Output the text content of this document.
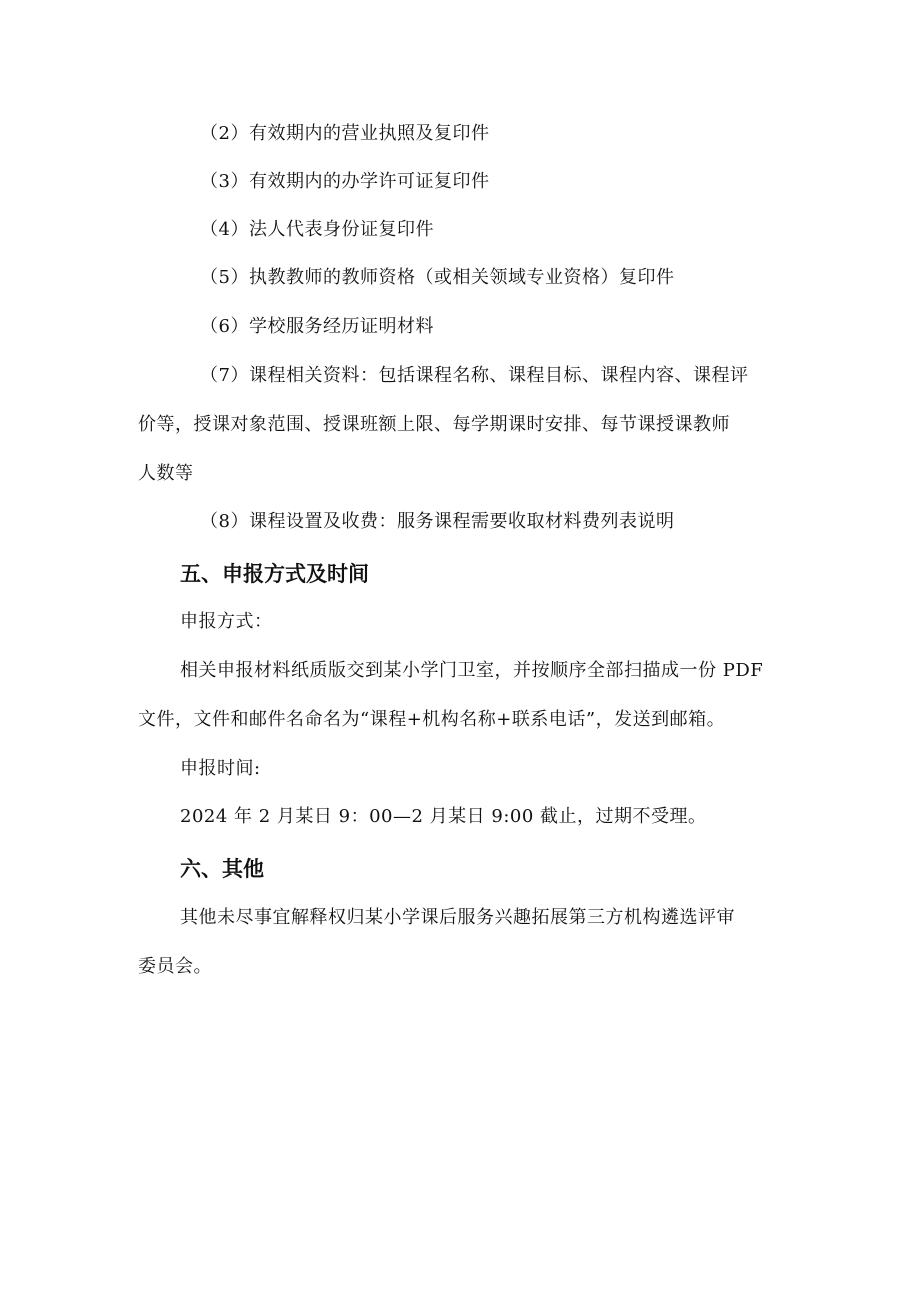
（2）有效期内的营业执照及复印件
（3）有效期内的办学许可证复印件
（4）法人代表身份证复印件
（5）执教教师的教师资格（或相关领域专业资格）复印件
（6）学校服务经历证明材料
（7）课程相关资料：包括课程名称、课程目标、课程内容、课程评
价等，授课对象范围、授课班额上限、每学期课时安排、每节课授课教师
人数等
（8）课程设置及收费：服务课程需要收取材料费列表说明
五、申报方式及时间
申报方式：
相关申报材料纸质版交到某小学门卫室，并按顺序全部扫描成一份 PDF
文件，文件和邮件名命名为“课程+机构名称+联系电话”，发送到邮箱。
申报时间:
2024 年 2 月某日 9：00—2 月某日 9:00 截止，过期不受理。
六、其他
其他未尽事宜解释权归某小学课后服务兴趣拓展第三方机构遴选评审
委员会。
